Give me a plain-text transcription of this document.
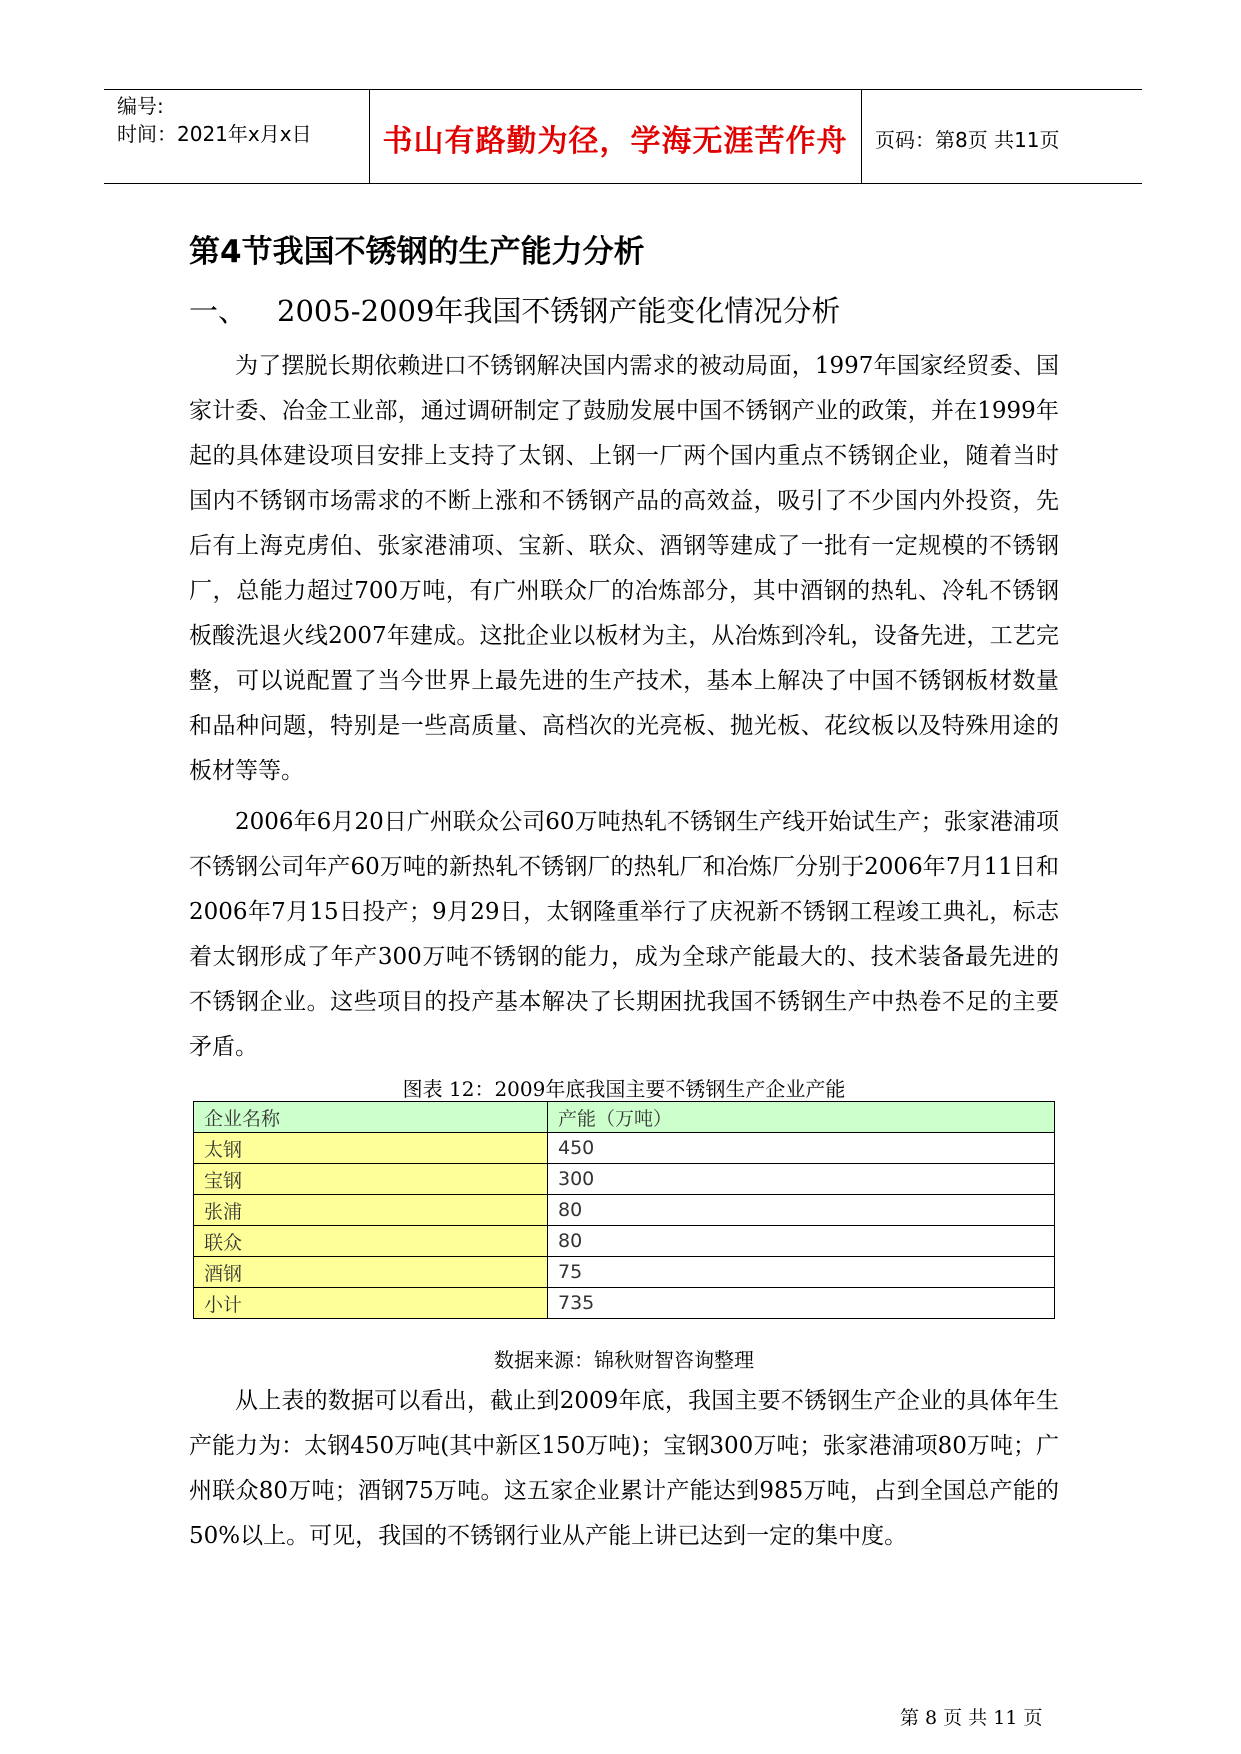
编号:
时间：2021年x月x日	书山有路勤为径，学海无涯苦作舟	页码：第8页 共11页
第4节我国不锈钢的生产能力分析
一、 2005-2009年我国不锈钢产能变化情况分析

为了摆脱长期依赖进口不锈钢解决国内需求的被动局面，1997年国家经贸委、国家计委、冶金工业部，通过调研制定了鼓励发展中国不锈钢产业的政策，并在1999年起的具体建设项目安排上支持了太钢、上钢一厂两个国内重点不锈钢企业，随着当时国内不锈钢市场需求的不断上涨和不锈钢产品的高效益，吸引了不少国内外投资，先后有上海克虏伯、张家港浦项、宝新、联众、酒钢等建成了一批有一定规模的不锈钢厂，总能力超过700万吨，有广州联众厂的冶炼部分，其中酒钢的热轧、冷轧不锈钢板酸洗退火线2007年建成。这批企业以板材为主，从冶炼到冷轧，设备先进，工艺完整，可以说配置了当今世界上最先进的生产技术，基本上解决了中国不锈钢板材数量和品种问题，特别是一些高质量、高档次的光亮板、抛光板、花纹板以及特殊用途的板材等等。

2006年6月20日广州联众公司60万吨热轧不锈钢生产线开始试生产；张家港浦项不锈钢公司年产60万吨的新热轧不锈钢厂的热轧厂和冶炼厂分别于2006年7月11日和2006年7月15日投产；9月29日，太钢隆重举行了庆祝新不锈钢工程竣工典礼，标志着太钢形成了年产300万吨不锈钢的能力，成为全球产能最大的、技术装备最先进的不锈钢企业。这些项目的投产基本解决了长期困扰我国不锈钢生产中热卷不足的主要矛盾。

图表 12：2009年底我国主要不锈钢生产企业产能
企业名称	产能（万吨）
太钢	450
宝钢	300
张浦	80
联众	80
酒钢	75
小计	735
数据来源：锦秋财智咨询整理

从上表的数据可以看出，截止到2009年底，我国主要不锈钢生产企业的具体年生产能力为：太钢450万吨(其中新区150万吨)；宝钢300万吨；张家港浦项80万吨；广州联众80万吨；酒钢75万吨。这五家企业累计产能达到985万吨，占到全国总产能的50%以上。可见，我国的不锈钢行业从产能上讲已达到一定的集中度。

第 8 页 共 11 页
